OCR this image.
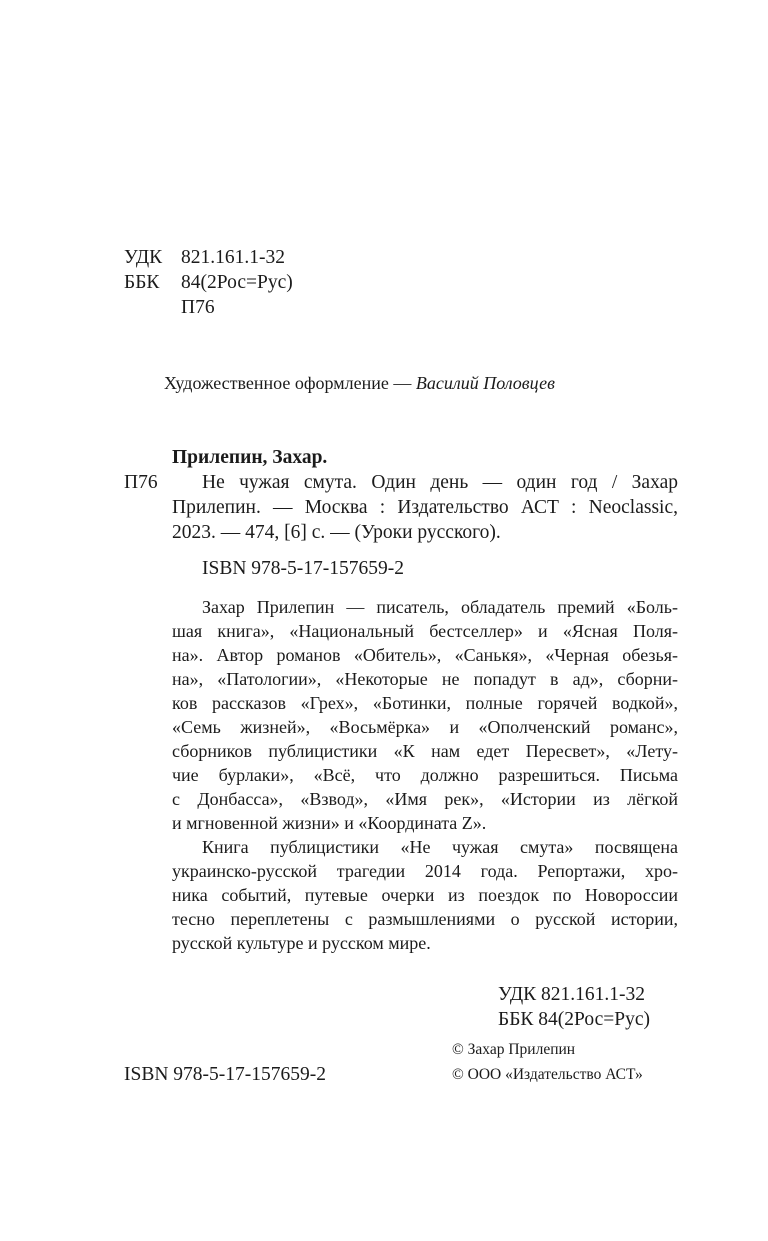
УДК 821.161.1-32
ББК 84(2Рос=Рус)
П76
Художественное оформление — Василий Половцев
Прилепин, Захар.
П76 Не чужая смута. Один день — один год / Захар
Прилепин. — Москва : Издательство АСТ : Neoclassic,
2023. — 474, [6] с. — (Уроки русского).
ISBN 978-5-17-157659-2
Захар Прилепин — писатель, обладатель премий «Боль-
шая книга», «Национальный бестселлер» и «Ясная Поля-
на». Автор романов «Обитель», «Санькя», «Черная обезья-
на», «Патологии», «Некоторые не попадут в ад», сборни-
ков рассказов «Грех», «Ботинки, полные горячей водкой»,
«Семь жизней», «Восьмёрка» и «Ополченский романс»,
сборников публицистики «К нам едет Пересвет», «Лету-
чие бурлаки», «Всё, что должно разрешиться. Письма
с Донбасса», «Взвод», «Имя рек», «Истории из лёгкой
и мгновенной жизни» и «Координата Z».
Книга публицистики «Не чужая смута» посвящена
украинско-русской трагедии 2014 года. Репортажи, хро-
ника событий, путевые очерки из поездок по Новороссии
тесно переплетены с размышлениями о русской истории,
русской культуре и русском мире.
УДК 821.161.1-32
ББК 84(2Рос=Рус)
© Захар Прилепин
ISBN 978-5-17-157659-2	© ООО «Издательство АСТ»
